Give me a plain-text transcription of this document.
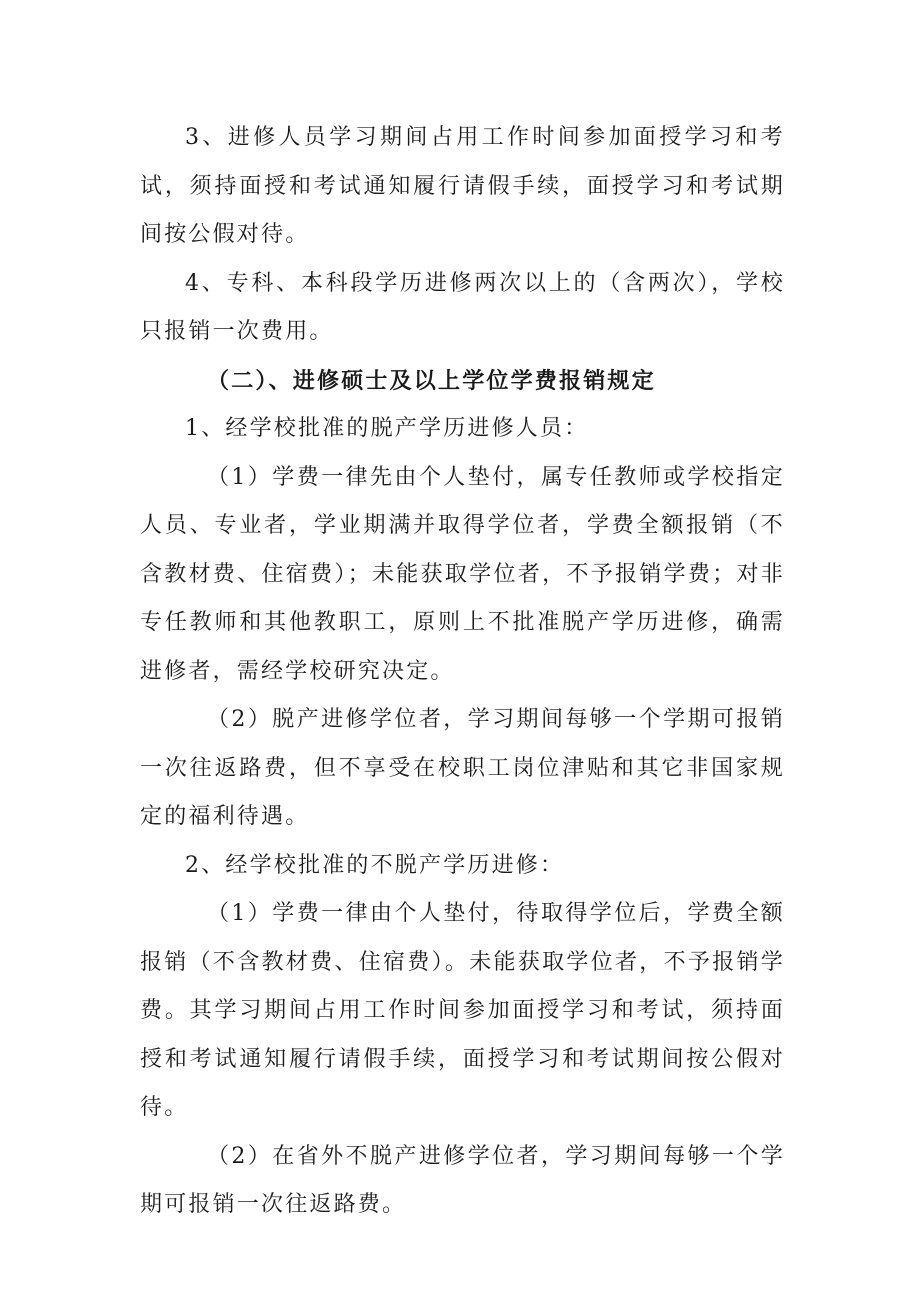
3、进修人员学习期间占用工作时间参加面授学习和考试，须持面授和考试通知履行请假手续，面授学习和考试期间按公假对待。

4、专科、本科段学历进修两次以上的（含两次），学校只报销一次费用。

（二）、进修硕士及以上学位学费报销规定

1、经学校批准的脱产学历进修人员：

（1）学费一律先由个人垫付，属专任教师或学校指定人员、专业者，学业期满并取得学位者，学费全额报销（不含教材费、住宿费）；未能获取学位者，不予报销学费；对非专任教师和其他教职工，原则上不批准脱产学历进修，确需进修者，需经学校研究决定。

（2）脱产进修学位者，学习期间每够一个学期可报销一次往返路费，但不享受在校职工岗位津贴和其它非国家规定的福利待遇。

2、经学校批准的不脱产学历进修：

（1）学费一律由个人垫付，待取得学位后，学费全额报销（不含教材费、住宿费）。未能获取学位者，不予报销学费。其学习期间占用工作时间参加面授学习和考试，须持面授和考试通知履行请假手续，面授学习和考试期间按公假对待。

（2）在省外不脱产进修学位者，学习期间每够一个学期可报销一次往返路费。
